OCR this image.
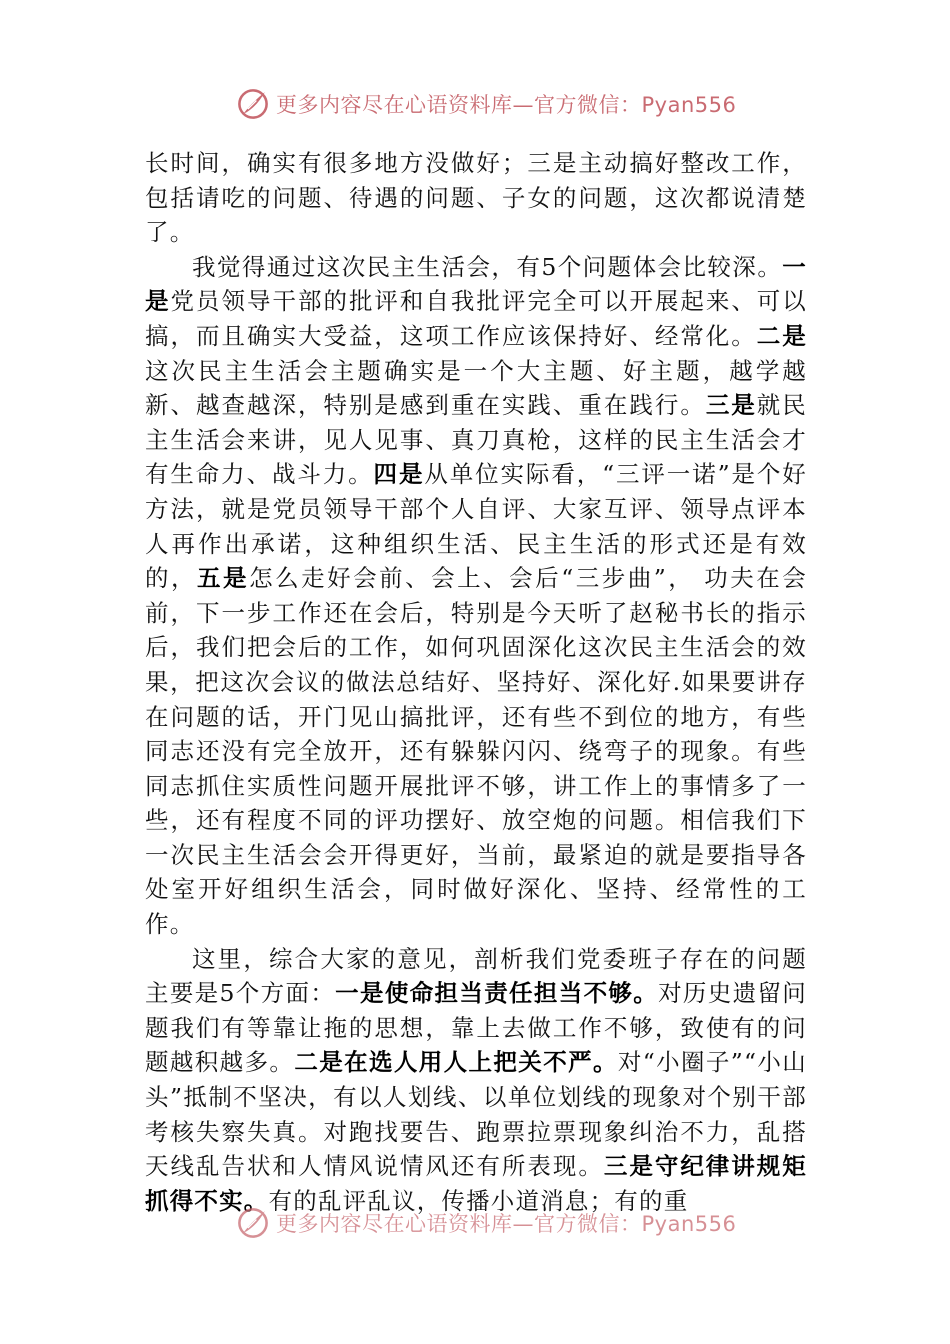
更多内容尽在心语资料库—官方微信：Pyan556

长时间，确实有很多地方没做好；三是主动搞好整改工作，包括请吃的问题、待遇的问题、子女的问题，这次都说清楚了。

我觉得通过这次民主生活会，有5个问题体会比较深。一是党员领导干部的批评和自我批评完全可以开展起来、可以搞，而且确实大受益，这项工作应该保持好、经常化。二是这次民主生活会主题确实是一个大主题、好主题，越学越新、越查越深，特别是感到重在实践、重在践行。三是就民主生活会来讲，见人见事、真刀真枪，这样的民主生活会才有生命力、战斗力。四是从单位实际看，“三评一诺”是个好方法，就是党员领导干部个人自评、大家互评、领导点评本人再作出承诺，这种组织生活、民主生活的形式还是有效的，五是怎么走好会前、会上、会后“三步曲”， 功夫在会前，下一步工作还在会后，特别是今天听了赵秘书长的指示后，我们把会后的工作，如何巩固深化这次民主生活会的效果，把这次会议的做法总结好、坚持好、深化好.如果要讲存在问题的话，开门见山搞批评，还有些不到位的地方，有些同志还没有完全放开，还有躲躲闪闪、绕弯子的现象。有些同志抓住实质性问题开展批评不够，讲工作上的事情多了一些，还有程度不同的评功摆好、放空炮的问题。相信我们下一次民主生活会会开得更好，当前，最紧迫的就是要指导各处室开好组织生活会，同时做好深化、坚持、经常性的工作。

这里，综合大家的意见，剖析我们党委班子存在的问题主要是5个方面：一是使命担当责任担当不够。对历史遗留问题我们有等靠让拖的思想，靠上去做工作不够，致使有的问题越积越多。二是在选人用人上把关不严。对“小圈子”“小山头”抵制不坚决，有以人划线、以单位划线的现象对个别干部考核失察失真。对跑找要告、跑票拉票现象纠治不力，乱搭天线乱告状和人情风说情风还有所表现。三是守纪律讲规矩抓得不实。有的乱评乱议，传播小道消息；有的重

更多内容尽在心语资料库—官方微信：Pyan556
